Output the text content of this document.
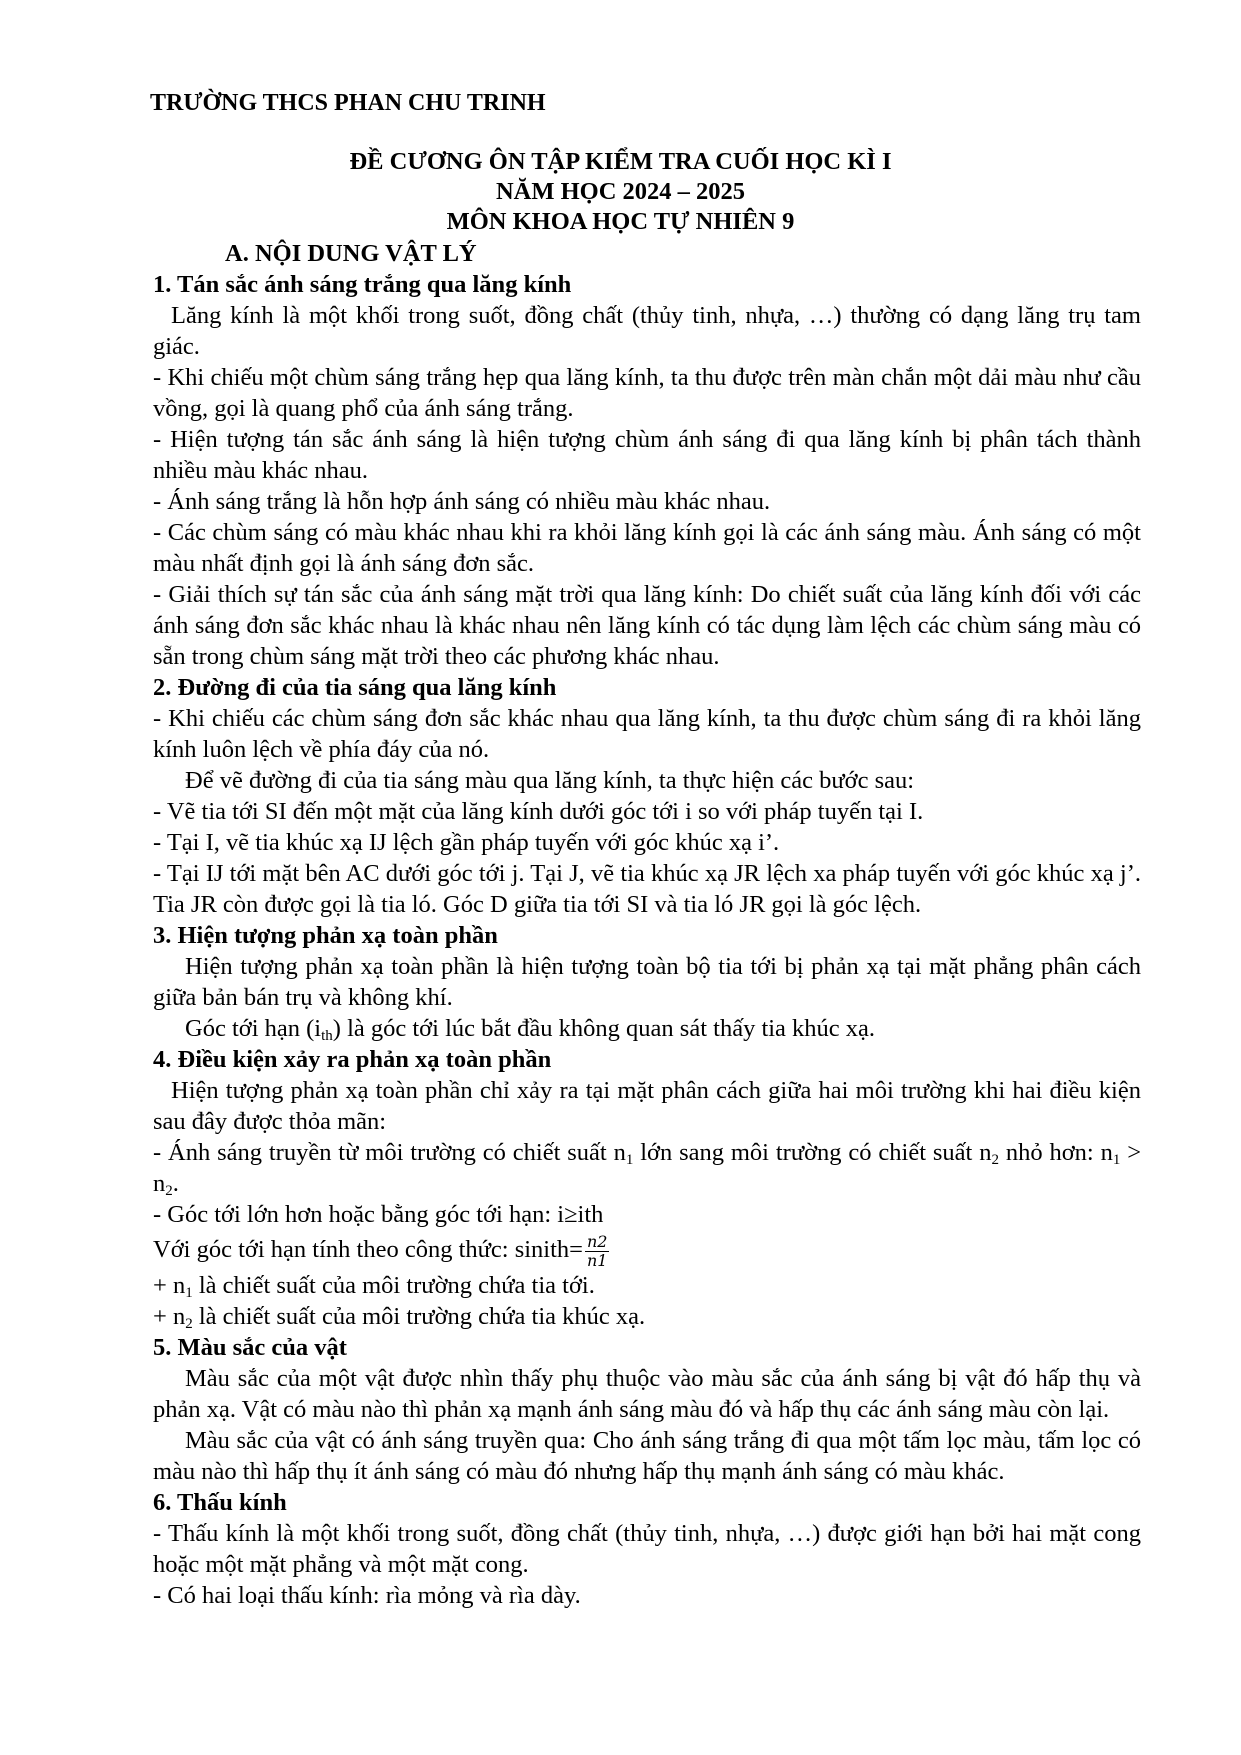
TRƯỜNG THCS PHAN CHU TRINH
ĐỀ CƯƠNG ÔN TẬP KIỂM TRA CUỐI HỌC KÌ I
NĂM HỌC 2024 – 2025
MÔN KHOA HỌC TỰ NHIÊN 9

A. NỘI DUNG VẬT LÝ

1. Tán sắc ánh sáng trắng qua lăng kính

Lăng kính là một khối trong suốt, đồng chất (thủy tinh, nhựa, …) thường có dạng lăng trụ tam giác.

- Khi chiếu một chùm sáng trắng hẹp qua lăng kính, ta thu được trên màn chắn một dải màu như cầu vồng, gọi là quang phổ của ánh sáng trắng.

- Hiện tượng tán sắc ánh sáng là hiện tượng chùm ánh sáng đi qua lăng kính bị phân tách thành nhiều màu khác nhau.

- Ánh sáng trắng là hỗn hợp ánh sáng có nhiều màu khác nhau.

- Các chùm sáng có màu khác nhau khi ra khỏi lăng kính gọi là các ánh sáng màu. Ánh sáng có một màu nhất định gọi là ánh sáng đơn sắc.

- Giải thích sự tán sắc của ánh sáng mặt trời qua lăng kính: Do chiết suất của lăng kính đối với các ánh sáng đơn sắc khác nhau là khác nhau nên lăng kính có tác dụng làm lệch các chùm sáng màu có sẵn trong chùm sáng mặt trời theo các phương khác nhau.

2. Đường đi của tia sáng qua lăng kính

- Khi chiếu các chùm sáng đơn sắc khác nhau qua lăng kính, ta thu được chùm sáng đi ra khỏi lăng kính luôn lệch về phía đáy của nó.

Để vẽ đường đi của tia sáng màu qua lăng kính, ta thực hiện các bước sau:

- Vẽ tia tới SI đến một mặt của lăng kính dưới góc tới i so với pháp tuyến tại I.

- Tại I, vẽ tia khúc xạ IJ lệch gần pháp tuyến với góc khúc xạ i’.

- Tại IJ tới mặt bên AC dưới góc tới j. Tại J, vẽ tia khúc xạ JR lệch xa pháp tuyến với góc khúc xạ j’. Tia JR còn được gọi là tia ló. Góc D giữa tia tới SI và tia ló JR gọi là góc lệch.

3. Hiện tượng phản xạ toàn phần

Hiện tượng phản xạ toàn phần là hiện tượng toàn bộ tia tới bị phản xạ tại mặt phẳng phân cách giữa bản bán trụ và không khí.

Góc tới hạn $(i_{th})$ là góc tới lúc bắt đầu không quan sát thấy tia khúc xạ.

4. Điều kiện xảy ra phản xạ toàn phần

Hiện tượng phản xạ toàn phần chỉ xảy ra tại mặt phân cách giữa hai môi trường khi hai điều kiện sau đây được thỏa mãn:

- Ánh sáng truyền từ môi trường có chiết suất $n_1$ lớn sang môi trường có chiết suất $n_2$ nhỏ hơn: $n_1 > n_2$.

- Góc tới lớn hơn hoặc bằng góc tới hạn: i≥ith

Với góc tới hạn tính theo công thức: sinith= $\frac{n2}{n1}$

+ $n_1$ là chiết suất của môi trường chứa tia tới.

+ $n_2$ là chiết suất của môi trường chứa tia khúc xạ.

5. Màu sắc của vật

Màu sắc của một vật được nhìn thấy phụ thuộc vào màu sắc của ánh sáng bị vật đó hấp thụ và phản xạ. Vật có màu nào thì phản xạ mạnh ánh sáng màu đó và hấp thụ các ánh sáng màu còn lại.

Màu sắc của vật có ánh sáng truyền qua: Cho ánh sáng trắng đi qua một tấm lọc màu, tấm lọc có màu nào thì hấp thụ ít ánh sáng có màu đó nhưng hấp thụ mạnh ánh sáng có màu khác.

6. Thấu kính

- Thấu kính là một khối trong suốt, đồng chất (thủy tinh, nhựa, …) được giới hạn bởi hai mặt cong hoặc một mặt phẳng và một mặt cong.

- Có hai loại thấu kính: rìa mỏng và rìa dày.
